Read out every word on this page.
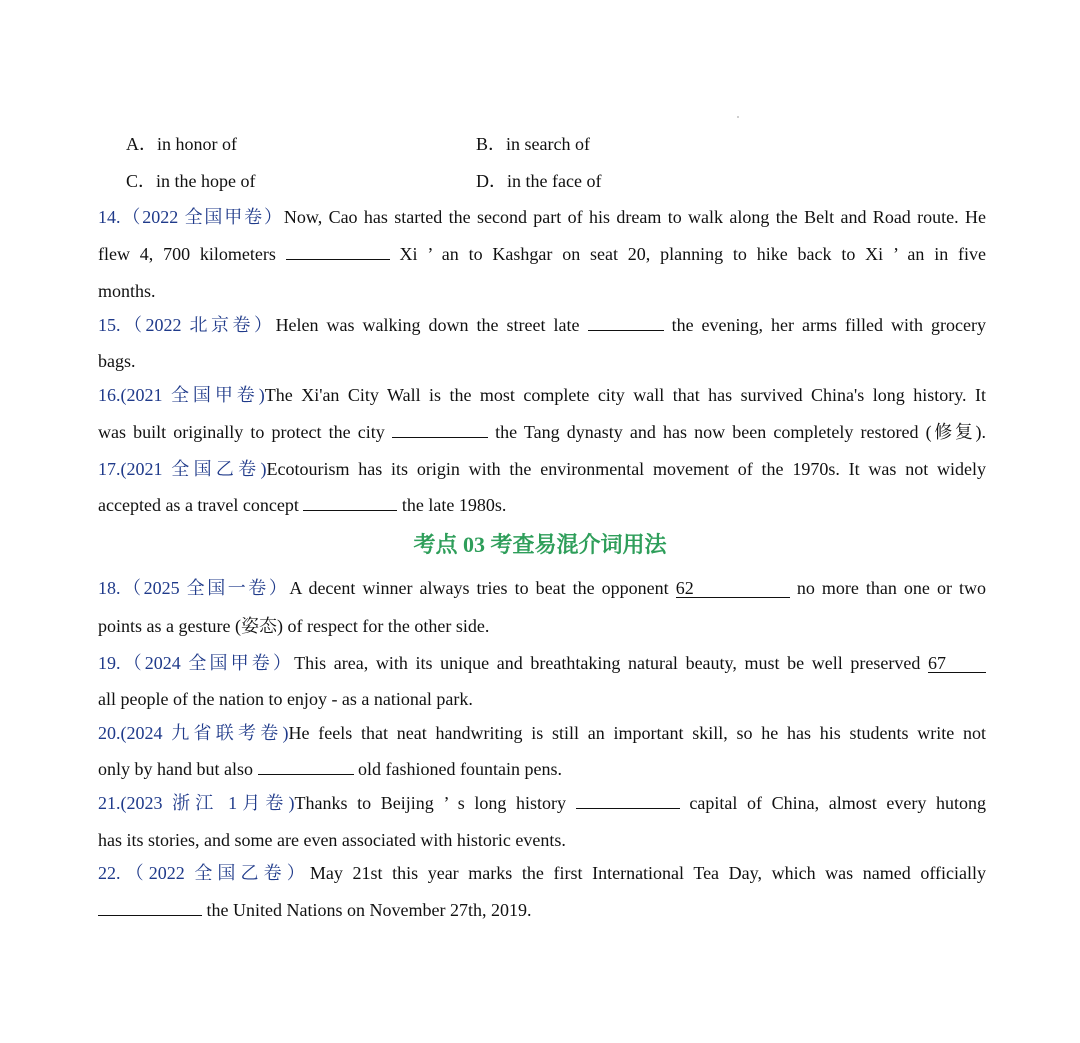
A．in honor of	B．in search of
C．in the hope of	D．in the face of
14.（2022 全国甲卷）Now, Cao has started the second part of his dream to walk along the Belt and Road route. He
flew 4, 700 kilometers	Xi ’ an to Kashgar on seat 20, planning to hike back to Xi ’ an in five
months.
15.（2022 北京卷）Helen was walking down the street late	the evening, her arms filled with grocery
bags.
16.(2021 全国甲卷)The Xi'an City Wall is the most complete city wall that has survived China's long history. It
was built originally to protect the city	the Tang dynasty and has now been completely restored (修复).
17.(2021 全国乙卷)Ecotourism has its origin with the environmental movement of the 1970s. It was not widely
accepted as a travel concept	the late 1980s.
考点 03 考查易混介词用法
18.（2025 全国一卷）A decent winner always tries to beat the opponent 62	no more than one or two
points as a gesture (姿态) of respect for the other side.
19.（2024 全国甲卷）This area, with its unique and breathtaking natural beauty, must be well preserved 67
all people of the nation to enjoy - as a national park.
20.(2024 九省联考卷)He feels that neat handwriting is still an important skill, so he has his students write not
only by hand but also	old fashioned fountain pens.
21.(2023 浙江 1月卷)Thanks to Beijing ’ s long history	capital of China, almost every hutong
has its stories, and some are even associated with historic events.
22.（2022 全国乙卷）May 21st this year marks the first International Tea Day, which was named officially
the United Nations on November 27th, 2019.
